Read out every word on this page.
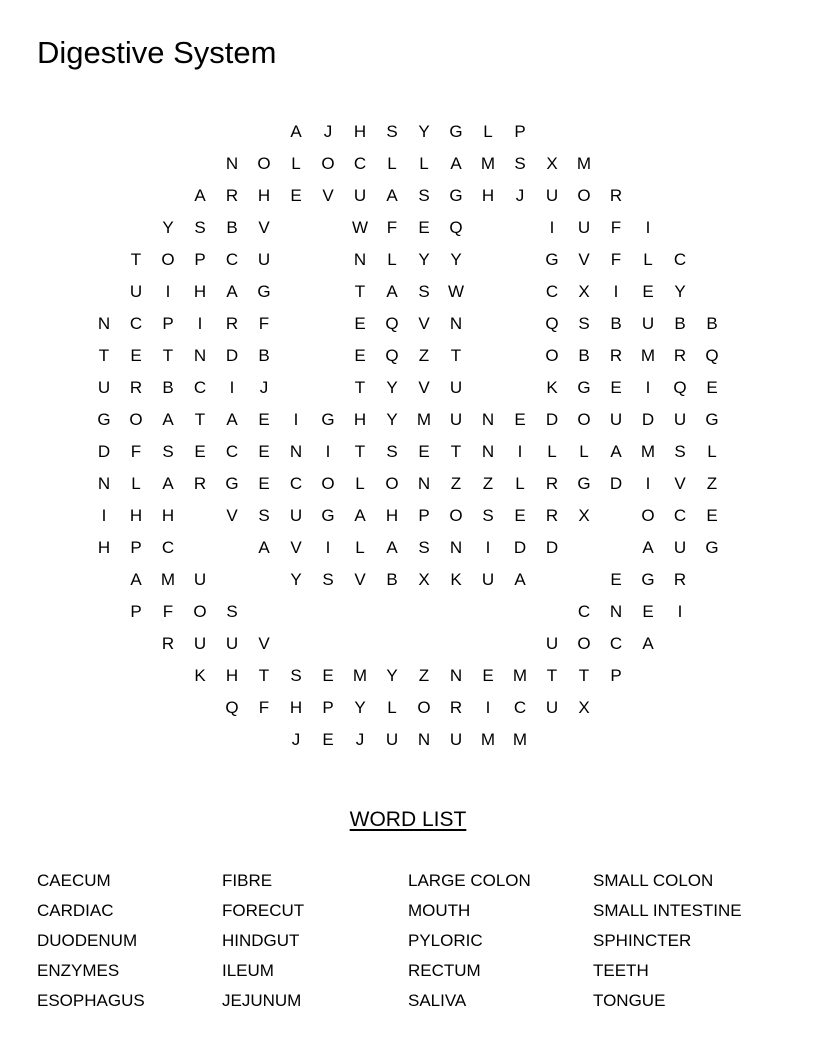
Digestive System
A	J	H	S	Y	G	L	P
N	O	L	O	C	L	L	A	M	S	X	M
A	R	H	E	V	U	A	S	G	H	J	U	O	R
Y	S	B	V	W	F	E	Q	I	U	F	I
T	O	P	C	U	N	L	Y	Y	G	V	F	L	C
U	I	H	A	G	T	A	S	W	C	X	I	E	Y
N	C	P	I	R	F	E	Q	V	N	Q	S	B	U	B	B
T	E	T	N	D	B	E	Q	Z	T	O	B	R	M	R	Q
U	R	B	C	I	J	T	Y	V	U	K	G	E	I	Q	E
G	O	A	T	A	E	I	G	H	Y	M	U	N	E	D	O	U	D	U	G
D	F	S	E	C	E	N	I	T	S	E	T	N	I	L	L	A	M	S	L
N	L	A	R	G	E	C	O	L	O	N	Z	Z	L	R	G	D	I	V	Z
I	H	H	V	S	U	G	A	H	P	O	S	E	R	X	O	C	E
H	P	C	A	V	I	L	A	S	N	I	D	D	A	U	G
A	M	U	Y	S	V	B	X	K	U	A	E	G	R
P	F	O	S	C	N	E	I
R	U	U	V	U	O	C	A
K	H	T	S	E	M	Y	Z	N	E	M	T	T	P
Q	F	H	P	Y	L	O	R	I	C	U	X
J	E	J	U	N	U	M	M
WORD LIST
CAECUM
CARDIAC
DUODENUM
ENZYMES
ESOPHAGUS
FIBRE
FORECUT
HINDGUT
ILEUM
JEJUNUM
LARGE COLON
MOUTH
PYLORIC
RECTUM
SALIVA
SMALL COLON
SMALL INTESTINE
SPHINCTER
TEETH
TONGUE
